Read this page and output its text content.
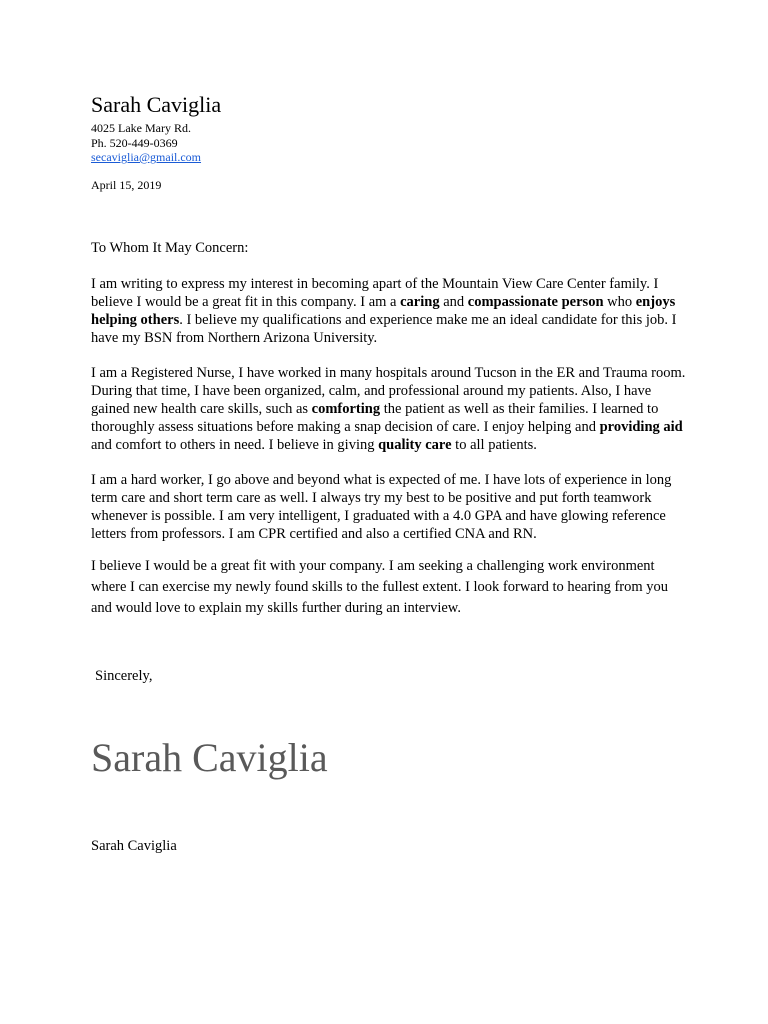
Sarah Caviglia
4025 Lake Mary Rd.
Ph. 520-449-0369
secaviglia@gmail.com
April 15, 2019
To Whom It May Concern:

I am writing to express my interest in becoming apart of the Mountain View Care Center family. I believe I would be a great fit in this company. I am a caring and compassionate person who enjoys helping others. I believe my qualifications and experience make me an ideal candidate for this job. I have my BSN from Northern Arizona University.

I am a Registered Nurse, I have worked in many hospitals around Tucson in the ER and Trauma room. During that time, I have been organized, calm, and professional around my patients. Also, I have gained new health care skills, such as comforting the patient as well as their families. I learned to thoroughly assess situations before making a snap decision of care. I enjoy helping and providing aid and comfort to others in need. I believe in giving quality care to all patients.

I am a hard worker, I go above and beyond what is expected of me. I have lots of experience in long term care and short term care as well. I always try my best to be positive and put forth teamwork whenever is possible. I am very intelligent, I graduated with a 4.0 GPA and have glowing reference letters from professors. I am CPR certified and also a certified CNA and RN.

I believe I would be a great fit with your company. I am seeking a challenging work environment where I can exercise my newly found skills to the fullest extent. I look forward to hearing from you and would love to explain my skills further during an interview.

Sincerely,
Sarah Caviglia
Sarah Caviglia
